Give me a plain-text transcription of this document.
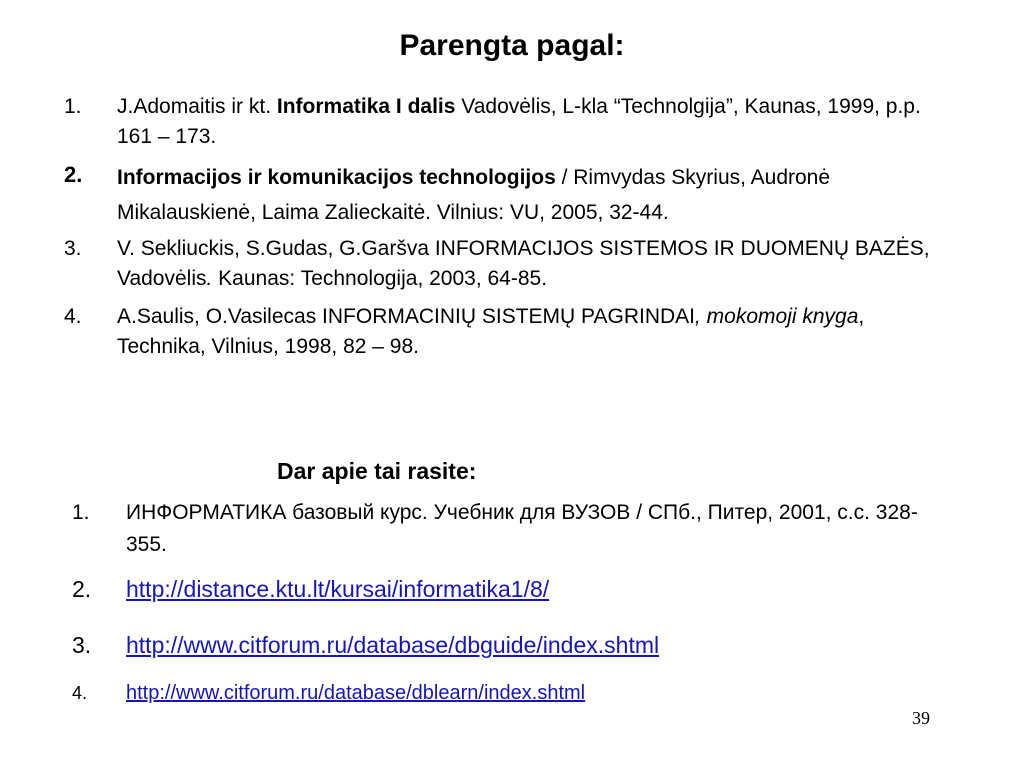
Parengta pagal:
1. J.Adomaitis ir kt. Informatika I dalis Vadovėlis, L-kla “Technolgija”, Kaunas, 1999, p.p. 161 – 173.
2. Informacijos ir komunikacijos technologijos / Rimvydas Skyrius, Audronė Mikalauskienė, Laima Zalieckaitė. Vilnius: VU, 2005, 32-44.
3. V. Sekliuckis, S.Gudas, G.Garšva INFORMACIJOS SISTEMOS IR DUOMENŲ BAZĖS, Vadovėlis. Kaunas: Technologija, 2003, 64-85.
4. A.Saulis, O.Vasilecas INFORMACINIŲ SISTEMŲ PAGRINDAI, mokomoji knyga, Technika, Vilnius, 1998, 82 – 98.
Dar apie tai rasite:
1. ИНФОРМАТИКА базовый курс. Учебник для ВУЗОВ / СПб., Питер, 2001, с.с. 328-355.
2. http://distance.ktu.lt/kursai/informatika1/8/
3. http://www.citforum.ru/database/dbguide/index.shtml
4. http://www.citforum.ru/database/dblearn/index.shtml
39
